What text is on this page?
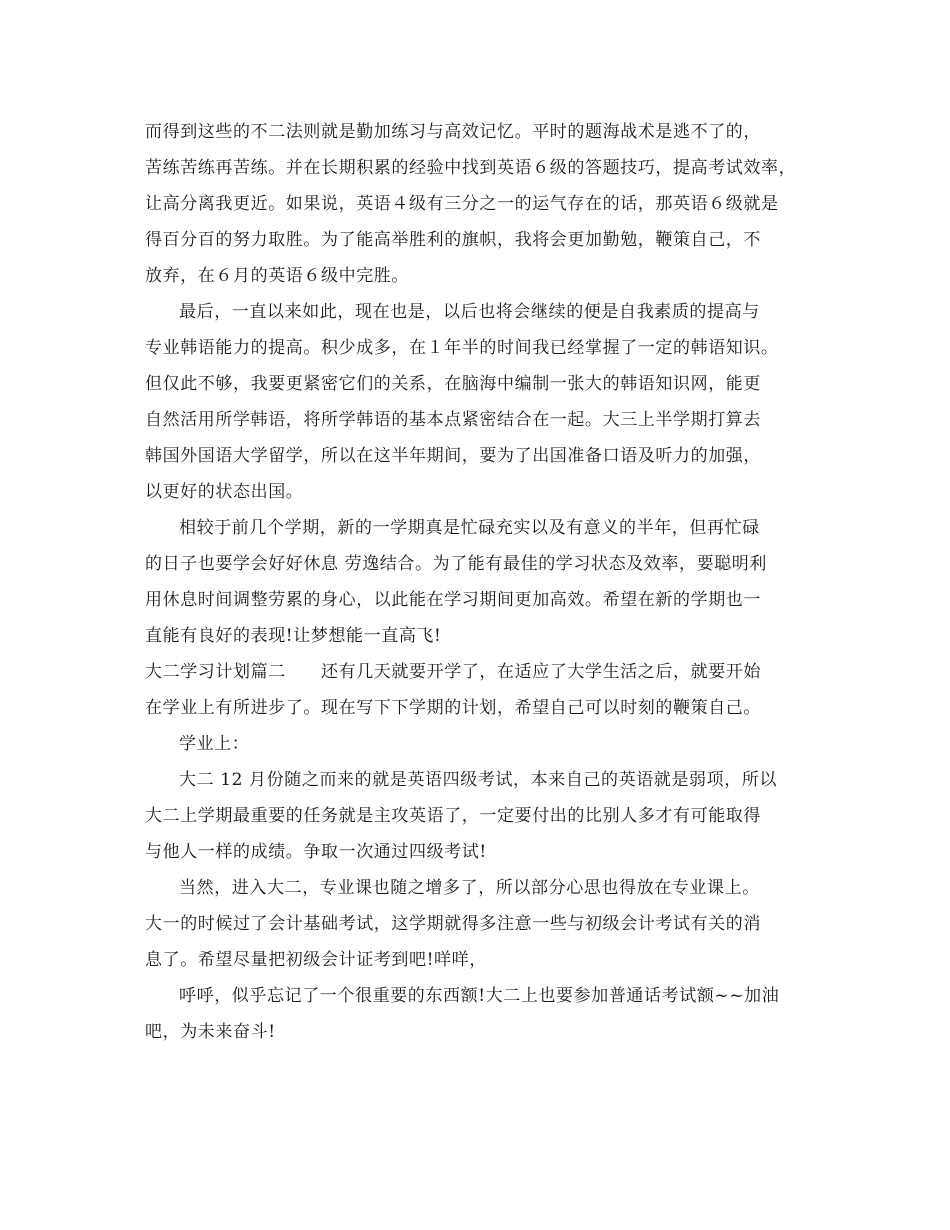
而得到这些的不二法则就是勤加练习与高效记忆。平时的题海战术是逃不了的，
苦练苦练再苦练。并在长期积累的经验中找到英语６级的答题技巧，提高考试效率，
让高分离我更近。如果说，英语４级有三分之一的运气存在的话，那英语６级就是
得百分百的努力取胜。为了能高举胜利的旗帜，我将会更加勤勉，鞭策自己，不
放弃，在６月的英语６级中完胜。
最后，一直以来如此，现在也是，以后也将会继续的便是自我素质的提高与
专业韩语能力的提高。积少成多，在１年半的时间我已经掌握了一定的韩语知识。
但仅此不够，我要更紧密它们的关系，在脑海中编制一张大的韩语知识网，能更
自然活用所学韩语，将所学韩语的基本点紧密结合在一起。大三上半学期打算去
韩国外国语大学留学，所以在这半年期间，要为了出国准备口语及听力的加强，
以更好的状态出国。
相较于前几个学期，新的一学期真是忙碌充实以及有意义的半年，但再忙碌
的日子也要学会好好休息 劳逸结合。为了能有最佳的学习状态及效率，要聪明利
用休息时间调整劳累的身心，以此能在学习期间更加高效。希望在新的学期也一
直能有良好的表现!让梦想能一直高飞!
大二学习计划篇二　　还有几天就要开学了，在适应了大学生活之后，就要开始
在学业上有所进步了。现在写下下学期的计划，希望自己可以时刻的鞭策自己。
学业上：
大二 12 月份随之而来的就是英语四级考试，本来自己的英语就是弱项，所以
大二上学期最重要的任务就是主攻英语了，一定要付出的比别人多才有可能取得
与他人一样的成绩。争取一次通过四级考试!
当然，进入大二，专业课也随之增多了，所以部分心思也得放在专业课上。
大一的时候过了会计基础考试，这学期就得多注意一些与初级会计考试有关的消
息了。希望尽量把初级会计证考到吧!咩咩，
呼呼，似乎忘记了一个很重要的东西额!大二上也要参加普通话考试额~~加油
吧，为未来奋斗!
